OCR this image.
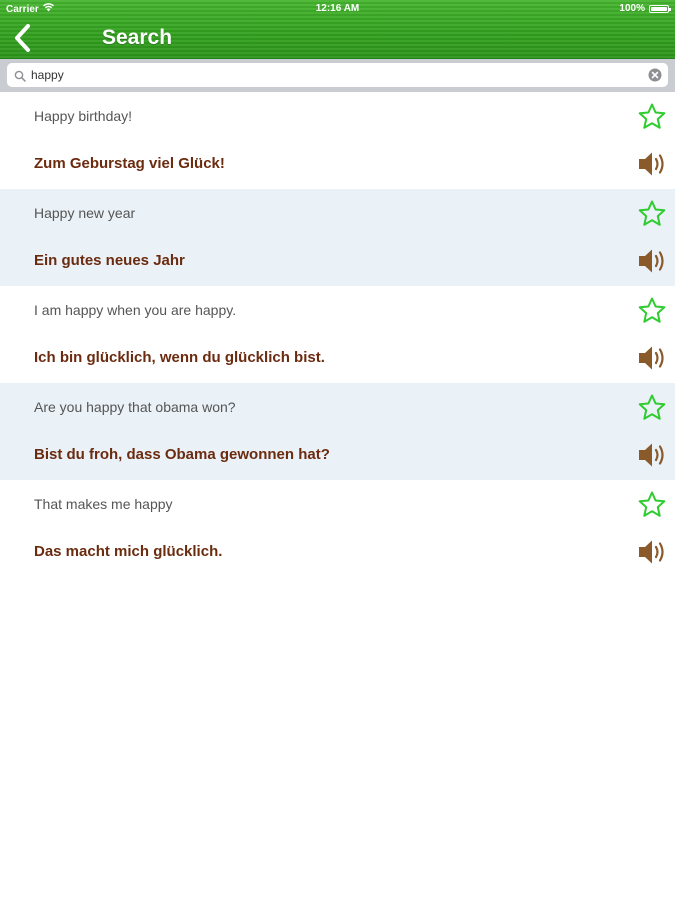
Carrier	12:16 AM	100%
Search
happy
Happy birthday!
Zum Geburstag viel Glück!
Happy new year
Ein gutes neues Jahr
I am happy when you are happy.
Ich bin glücklich, wenn du glücklich bist.
Are you happy that obama won?
Bist du froh, dass Obama gewonnen hat?
That makes me happy
Das macht mich glücklich.
